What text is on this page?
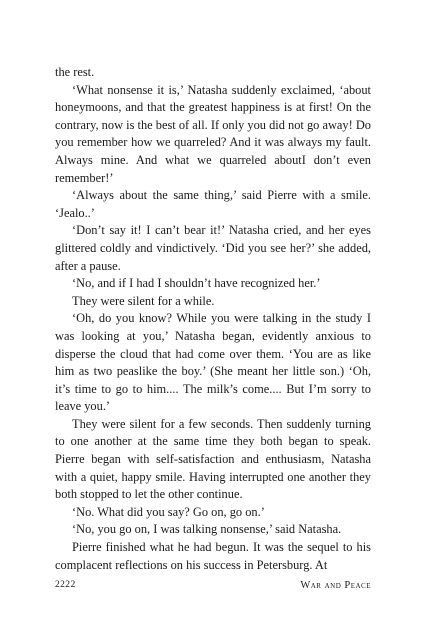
the rest.

‘What nonsense it is,’ Natasha suddenly exclaimed, ‘about honeymoons, and that the greatest happiness is at first! On the contrary, now is the best of all. If only you did not go away! Do you remember how we quarreled? And it was always my fault. Always mine. And what we quarreled aboutI don’t even remember!’

‘Always about the same thing,’ said Pierre with a smile. ‘Jealo..’

‘Don’t say it! I can’t bear it!’ Natasha cried, and her eyes glittered coldly and vindictively. ‘Did you see her?’ she added, after a pause.

‘No, and if I had I shouldn’t have recognized her.’

They were silent for a while.

‘Oh, do you know? While you were talking in the study I was looking at you,’ Natasha began, evidently anxious to disperse the cloud that had come over them. ‘You are as like him as two peaslike the boy.’ (She meant her little son.) ‘Oh, it’s time to go to him.... The milk’s come.... But I’m sorry to leave you.’

They were silent for a few seconds. Then suddenly turning to one another at the same time they both began to speak. Pierre began with self-satisfaction and enthusiasm, Natasha with a quiet, happy smile. Having interrupted one another they both stopped to let the other continue.

‘No. What did you say? Go on, go on.’

‘No, you go on, I was talking nonsense,’ said Natasha.

Pierre finished what he had begun. It was the sequel to his complacent reflections on his success in Petersburg. At

2222	War and Peace
